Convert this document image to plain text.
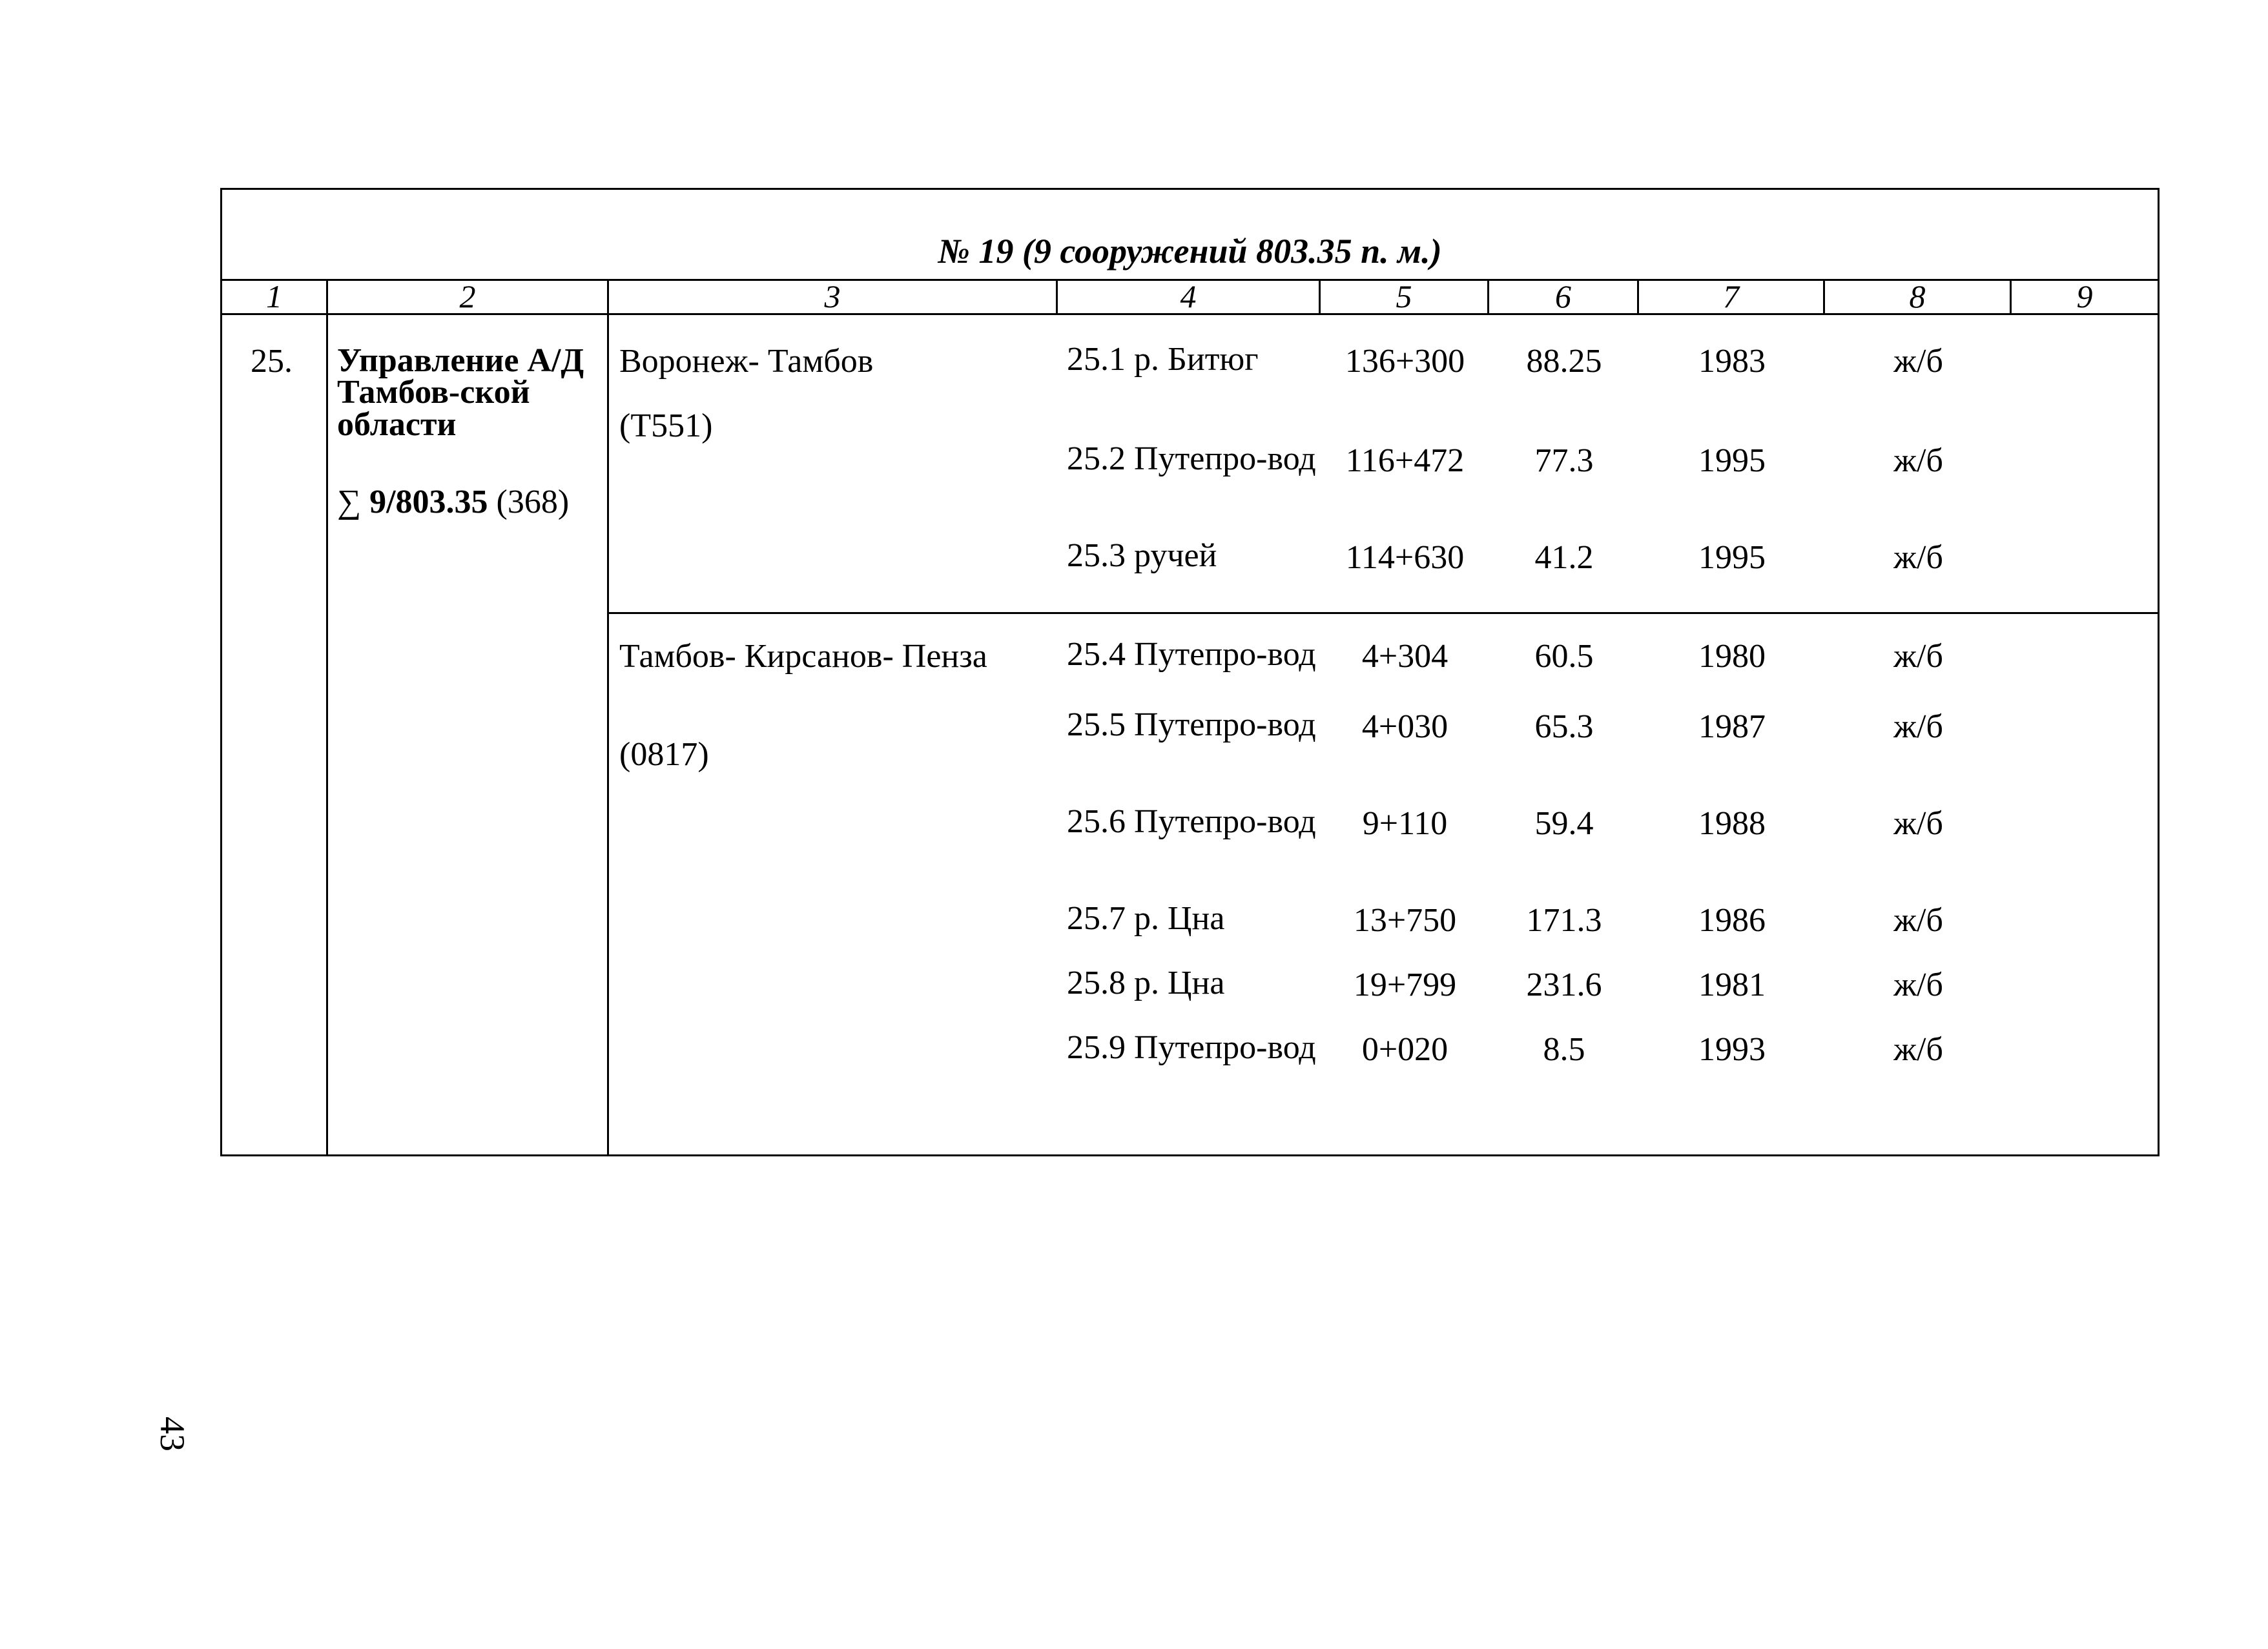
№ 19 (9 сооружений 803.35 п. м.)
1	2	3	4	5	6	7	8	9
25.	Управление А/Д Тамбов-ской области
∑ 9/803.35 (368)

Воронеж- Тамбов
(Т551)
	25.1 р. Битюг	136+300	88.25	1983	ж/б	
25.2 Путепро-вод	116+472	77.3	1995	ж/б	
25.3 ручей	114+630	41.2	1995	ж/б	
Тамбов- Кирсанов- Пенза
(0817)
	25.4 Путепро-вод	4+304	60.5	1980	ж/б	
25.5 Путепро-вод	4+030	65.3	1987	ж/б	
25.6 Путепро-вод	9+110	59.4	1988	ж/б	
25.7 р. Цна	13+750	171.3	1986	ж/б	
25.8 р. Цна	19+799	231.6	1981	ж/б	
25.9 Путепро-вод	0+020	8.5	1993	ж/б	
43
